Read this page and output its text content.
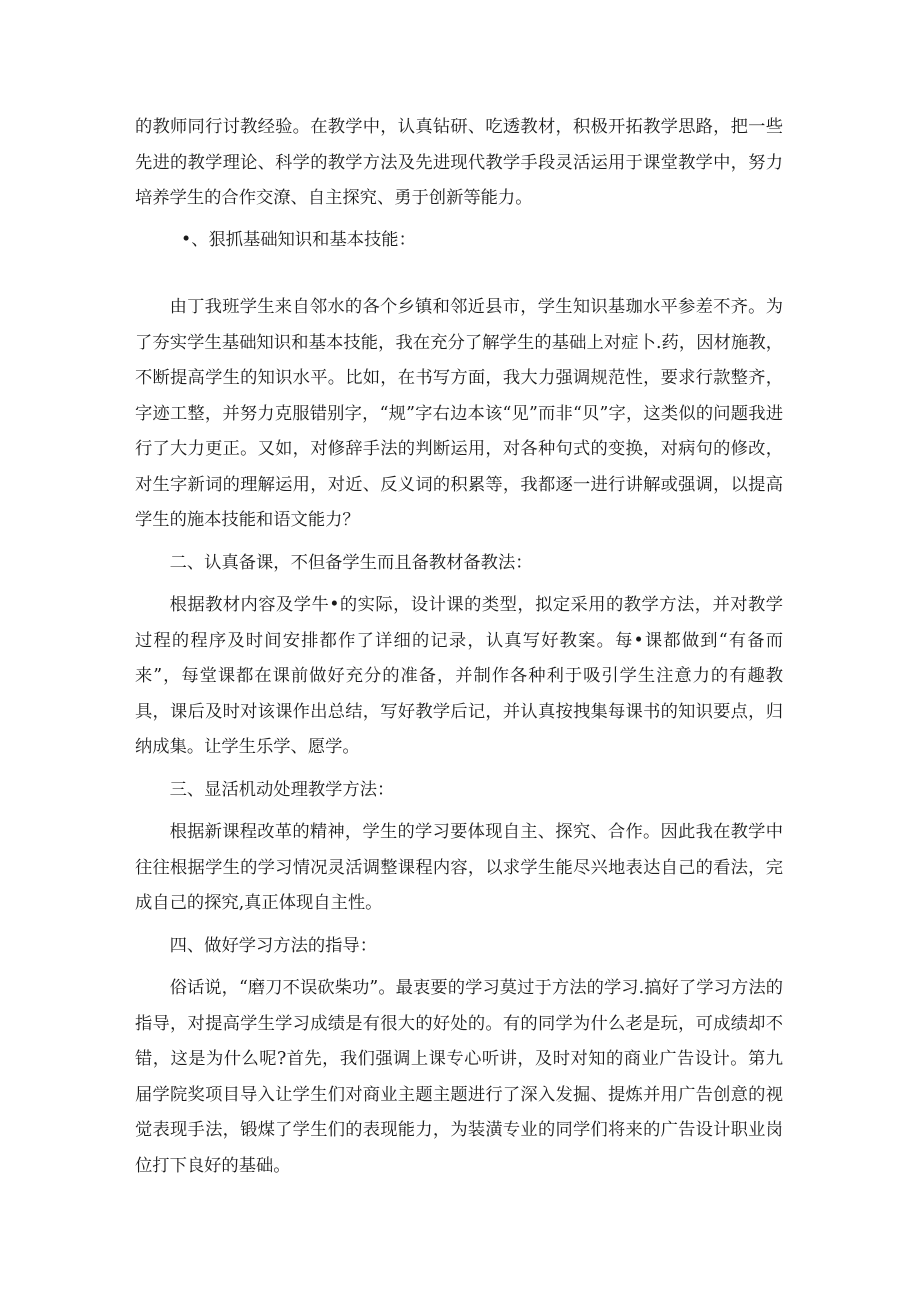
的教师同行讨教经验。在教学中，认真钻研、吃透教材，积极开拓教学思路，把一些先进的教学理论、科学的教学方法及先进现代教学手段灵活运用于课堂教学中，努力培养学生的合作交潦、自主探究、勇于创新等能力。

•、狠抓基础知识和基本技能：

由丁我班学生来自邻水的各个乡镇和邻近县市，学生知识基珈水平参差不齐。为了夯实学生基础知识和基本技能，我在充分了解学生的基础上对症卜.药，因材施教，不断提高学生的知识水平。比如，在书写方面，我大力强调规范性，要求行款整齐，字迹工整，并努力克服错别字，“规”字右边本该“见”而非“贝”字，这类似的问题我进行了大力更正。又如，对修辞手法的判断运用，对各种句式的变换，对病句的修改，对生字新词的理解运用，对近、反义词的积累等，我都逐一进行讲解或强调，以提高学生的施本技能和语文能力？

二、认真备课，不但备学生而且备教材备教法：

根据教材内容及学牛•的实际，设计课的类型，拟定采用的教学方法，并对教学过程的程序及时间安排都作了详细的记录，认真写好教案。每•课都做到“有备而来”，每堂课都在课前做好充分的准备，并制作各种利于吸引学生注意力的有趣教具，课后及时对该课作出总结，写好教学后记，并认真按拽集每课书的知识要点，归纳成集。让学生乐学、愿学。

三、显活机动处理教学方法：

根据新课程改革的精神，学生的学习要体现自主、探究、合作。因此我在教学中往往根据学生的学习情况灵活调整课程内容，以求学生能尽兴地表达自己的看法，完成自己的探究,真正体现自主性。

四、做好学习方法的指导：

俗话说，“磨刀不误砍柴功”。最衷要的学习莫过于方法的学习.搞好了学习方法的指导，对提高学生学习成绩是有很大的好处的。有的同学为什么老是玩，可成绩却不错，这是为什么呢?首先，我们强调上课专心听讲，及时对知的商业广告设计。第九届学院奖项目导入让学生们对商业主题主题进行了深入发掘、提炼并用广告创意的视觉表现手法，锻煤了学生们的表现能力，为装潢专业的同学们将来的广告设计职业岗位打下良好的基础。
